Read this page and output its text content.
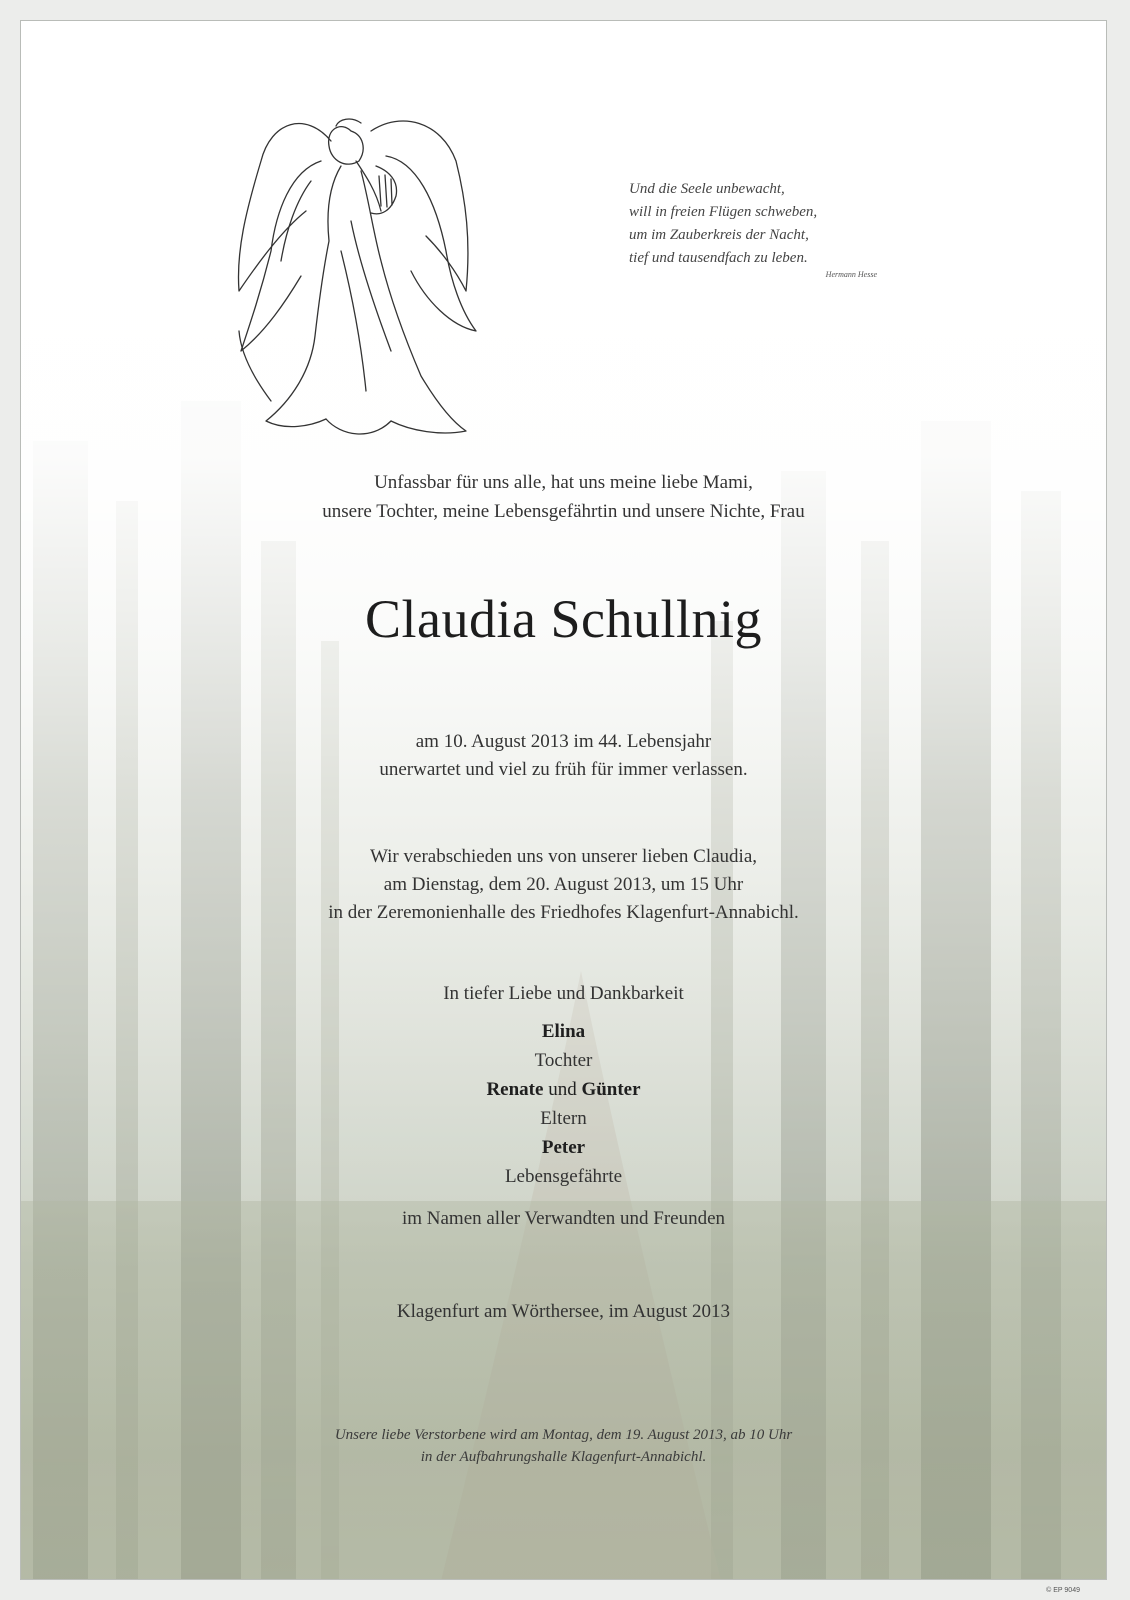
Und die Seele unbewacht,
will in freien Flügen schweben,
um im Zauberkreis der Nacht,
tief und tausendfach zu leben.
Hermann Hesse
Unfassbar für uns alle, hat uns meine liebe Mami,
unsere Tochter, meine Lebensgefährtin und unsere Nichte, Frau
Claudia Schullnig
am 10. August 2013 im 44. Lebensjahr
unerwartet und viel zu früh für immer verlassen.
Wir verabschieden uns von unserer lieben Claudia,
am Dienstag, dem 20. August 2013, um 15 Uhr
in der Zeremonienhalle des Friedhofes Klagenfurt-Annabichl.
In tiefer Liebe und Dankbarkeit
Elina
Tochter
Renate und Günter
Eltern
Peter
Lebensgefährte
im Namen aller Verwandten und Freunden
Klagenfurt am Wörthersee, im August 2013
Unsere liebe Verstorbene wird am Montag, dem 19. August 2013, ab 10 Uhr
in der Aufbahrungshalle Klagenfurt-Annabichl.
© EP 9049
